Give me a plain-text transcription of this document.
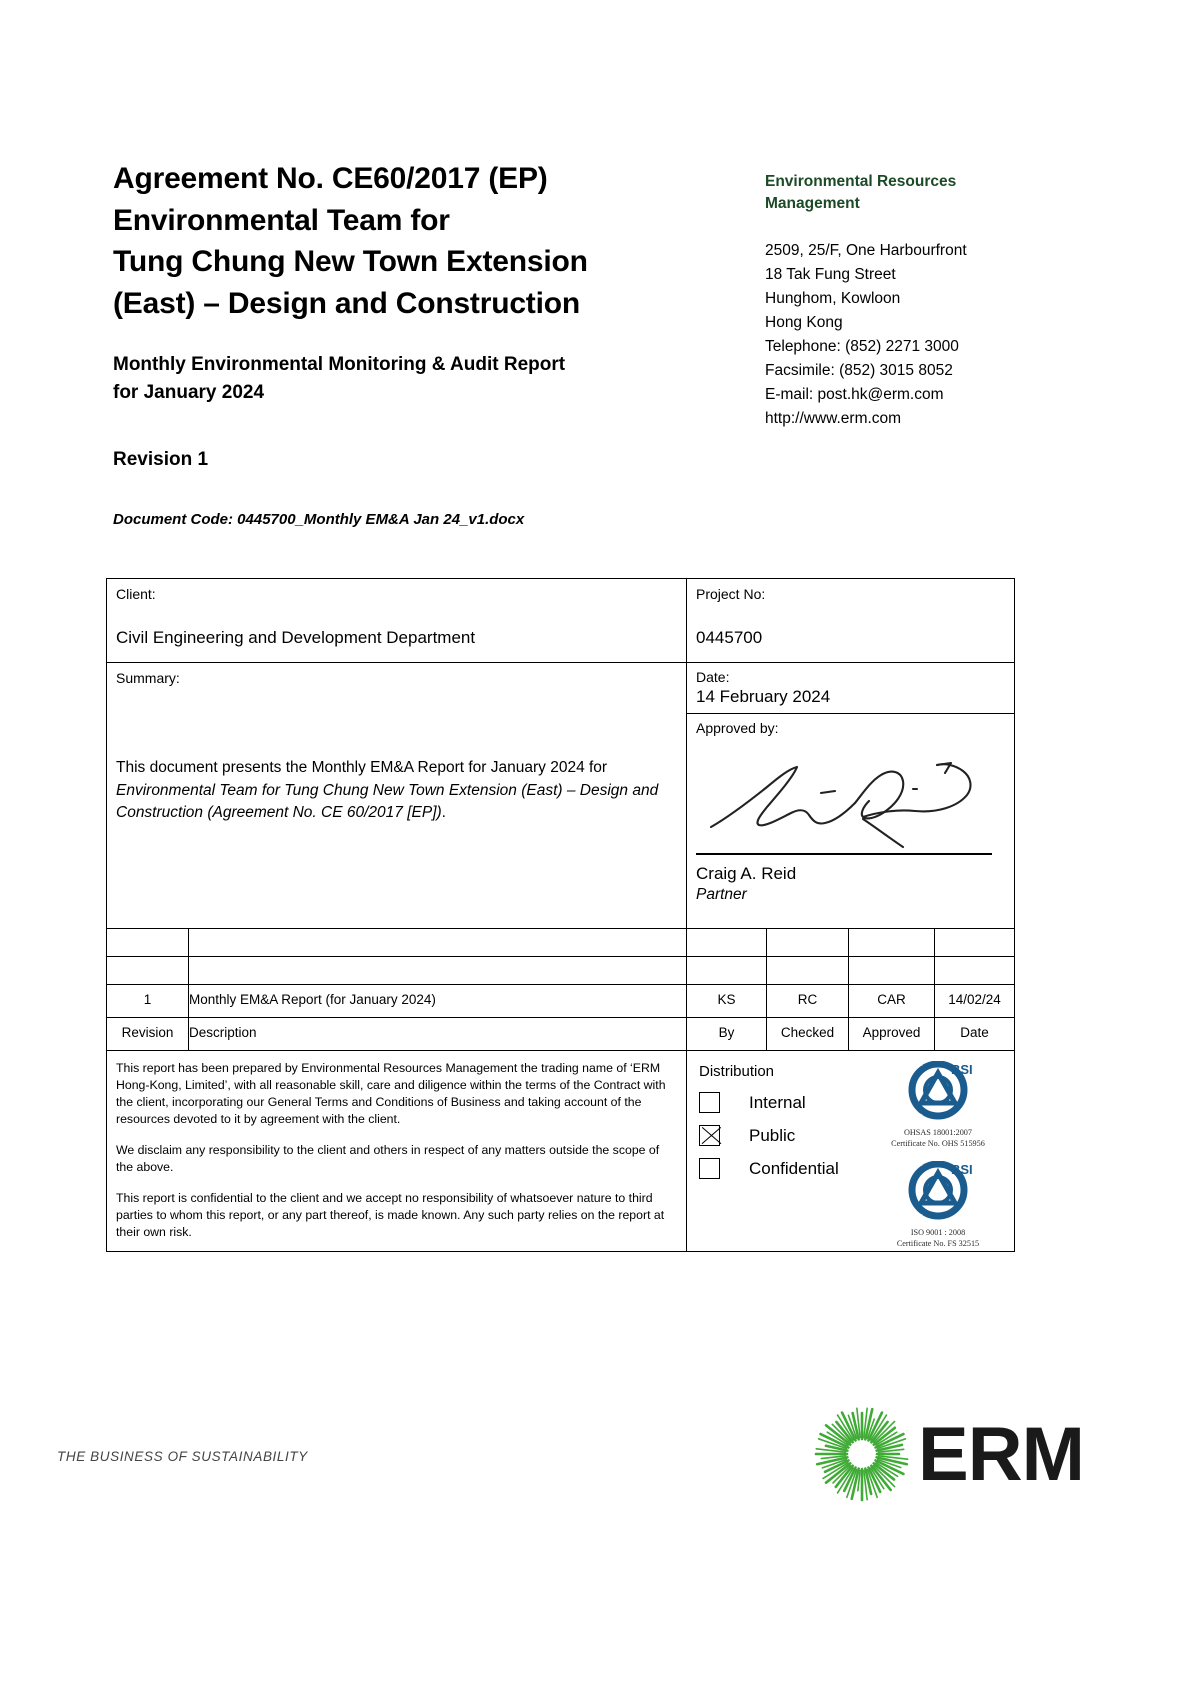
Agreement No. CE60/2017 (EP)
Environmental Team for
Tung Chung New Town Extension
(East) – Design and Construction
Monthly Environmental Monitoring & Audit Report
for January 2024
Revision 1
Document Code: 0445700_Monthly EM&A Jan 24_v1.docx
Environmental Resources
Management
2509, 25/F, One Harbourfront
18 Tak Fung Street
Hunghom, Kowloon
Hong Kong
Telephone: (852) 2271 3000
Facsimile: (852) 3015 8052
E-mail: post.hk@erm.com
http://www.erm.com
Client:
Civil Engineering and Development Department

Project No:
0445700

Summary:
This document presents the Monthly EM&A Report for January 2024 for Environmental Team for Tung Chung New Town Extension (East) – Design and Construction (Agreement No. CE 60/2017 [EP]).

Date:
14 February 2024

Approved by:
Craig A. Reid
Partner

1	Monthly EM&A Report (for January 2024)	KS	RC	CAR	14/02/24
Revision	Description	By	Checked	Approved	Date

This report has been prepared by Environmental Resources Management the trading name of ‘ERM Hong-Kong, Limited’, with all reasonable skill, care and diligence within the terms of the Contract with the client, incorporating our General Terms and Conditions of Business and taking account of the resources devoted to it by agreement with the client.

We disclaim any responsibility to the client and others in respect of any matters outside the scope of the above.

This report is confidential to the client and we accept no responsibility of whatsoever nature to third parties to whom this report, or any part thereof, is made known. Any such party relies on the report at their own risk.

Distribution
Internal
Public
Confidential
BSI
OHSAS 18001:2007
Certificate No. OHS 515956
BSI
ISO 9001 : 2008
Certificate No. FS 32515
THE BUSINESS OF SUSTAINABILITY	ERM
